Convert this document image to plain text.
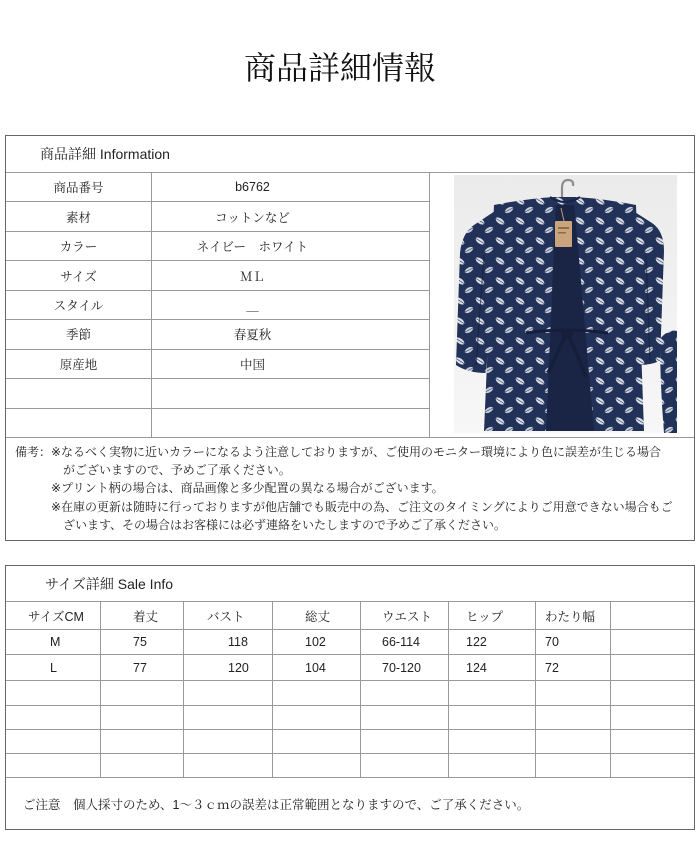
商品詳細情報
商品詳細 Information
商品番号	b6762
素材	コットンなど
カラー	ネイビー　ホワイト
サイズ	ＭＬ
スタイル	＿
季節	春夏秋
原産地	中国
備考：※なるべく実物に近いカラーになるよう注意しておりますが、ご使用のモニター環境により色に誤差が生じる場合
がございますので、予めご了承ください。
※プリント柄の場合は、商品画像と多少配置の異なる場合がございます。
※在庫の更新は随時に行っておりますが他店舗でも販売中の為、ご注文のタイミングによりご用意できない場合もご
ざいます、その場合はお客様には必ず連絡をいたしますので予めご了承ください。
サイズ詳細 Sale Info
サイズCM	着丈	バスト	総丈	ウエスト	ヒップ	わたり幅
M	75	118	102	66-114	122	70
L	77	120	104	70-120	124	72
ご注意　個人採寸のため、1～３ｃｍの誤差は正常範囲となりますので、ご了承ください。
